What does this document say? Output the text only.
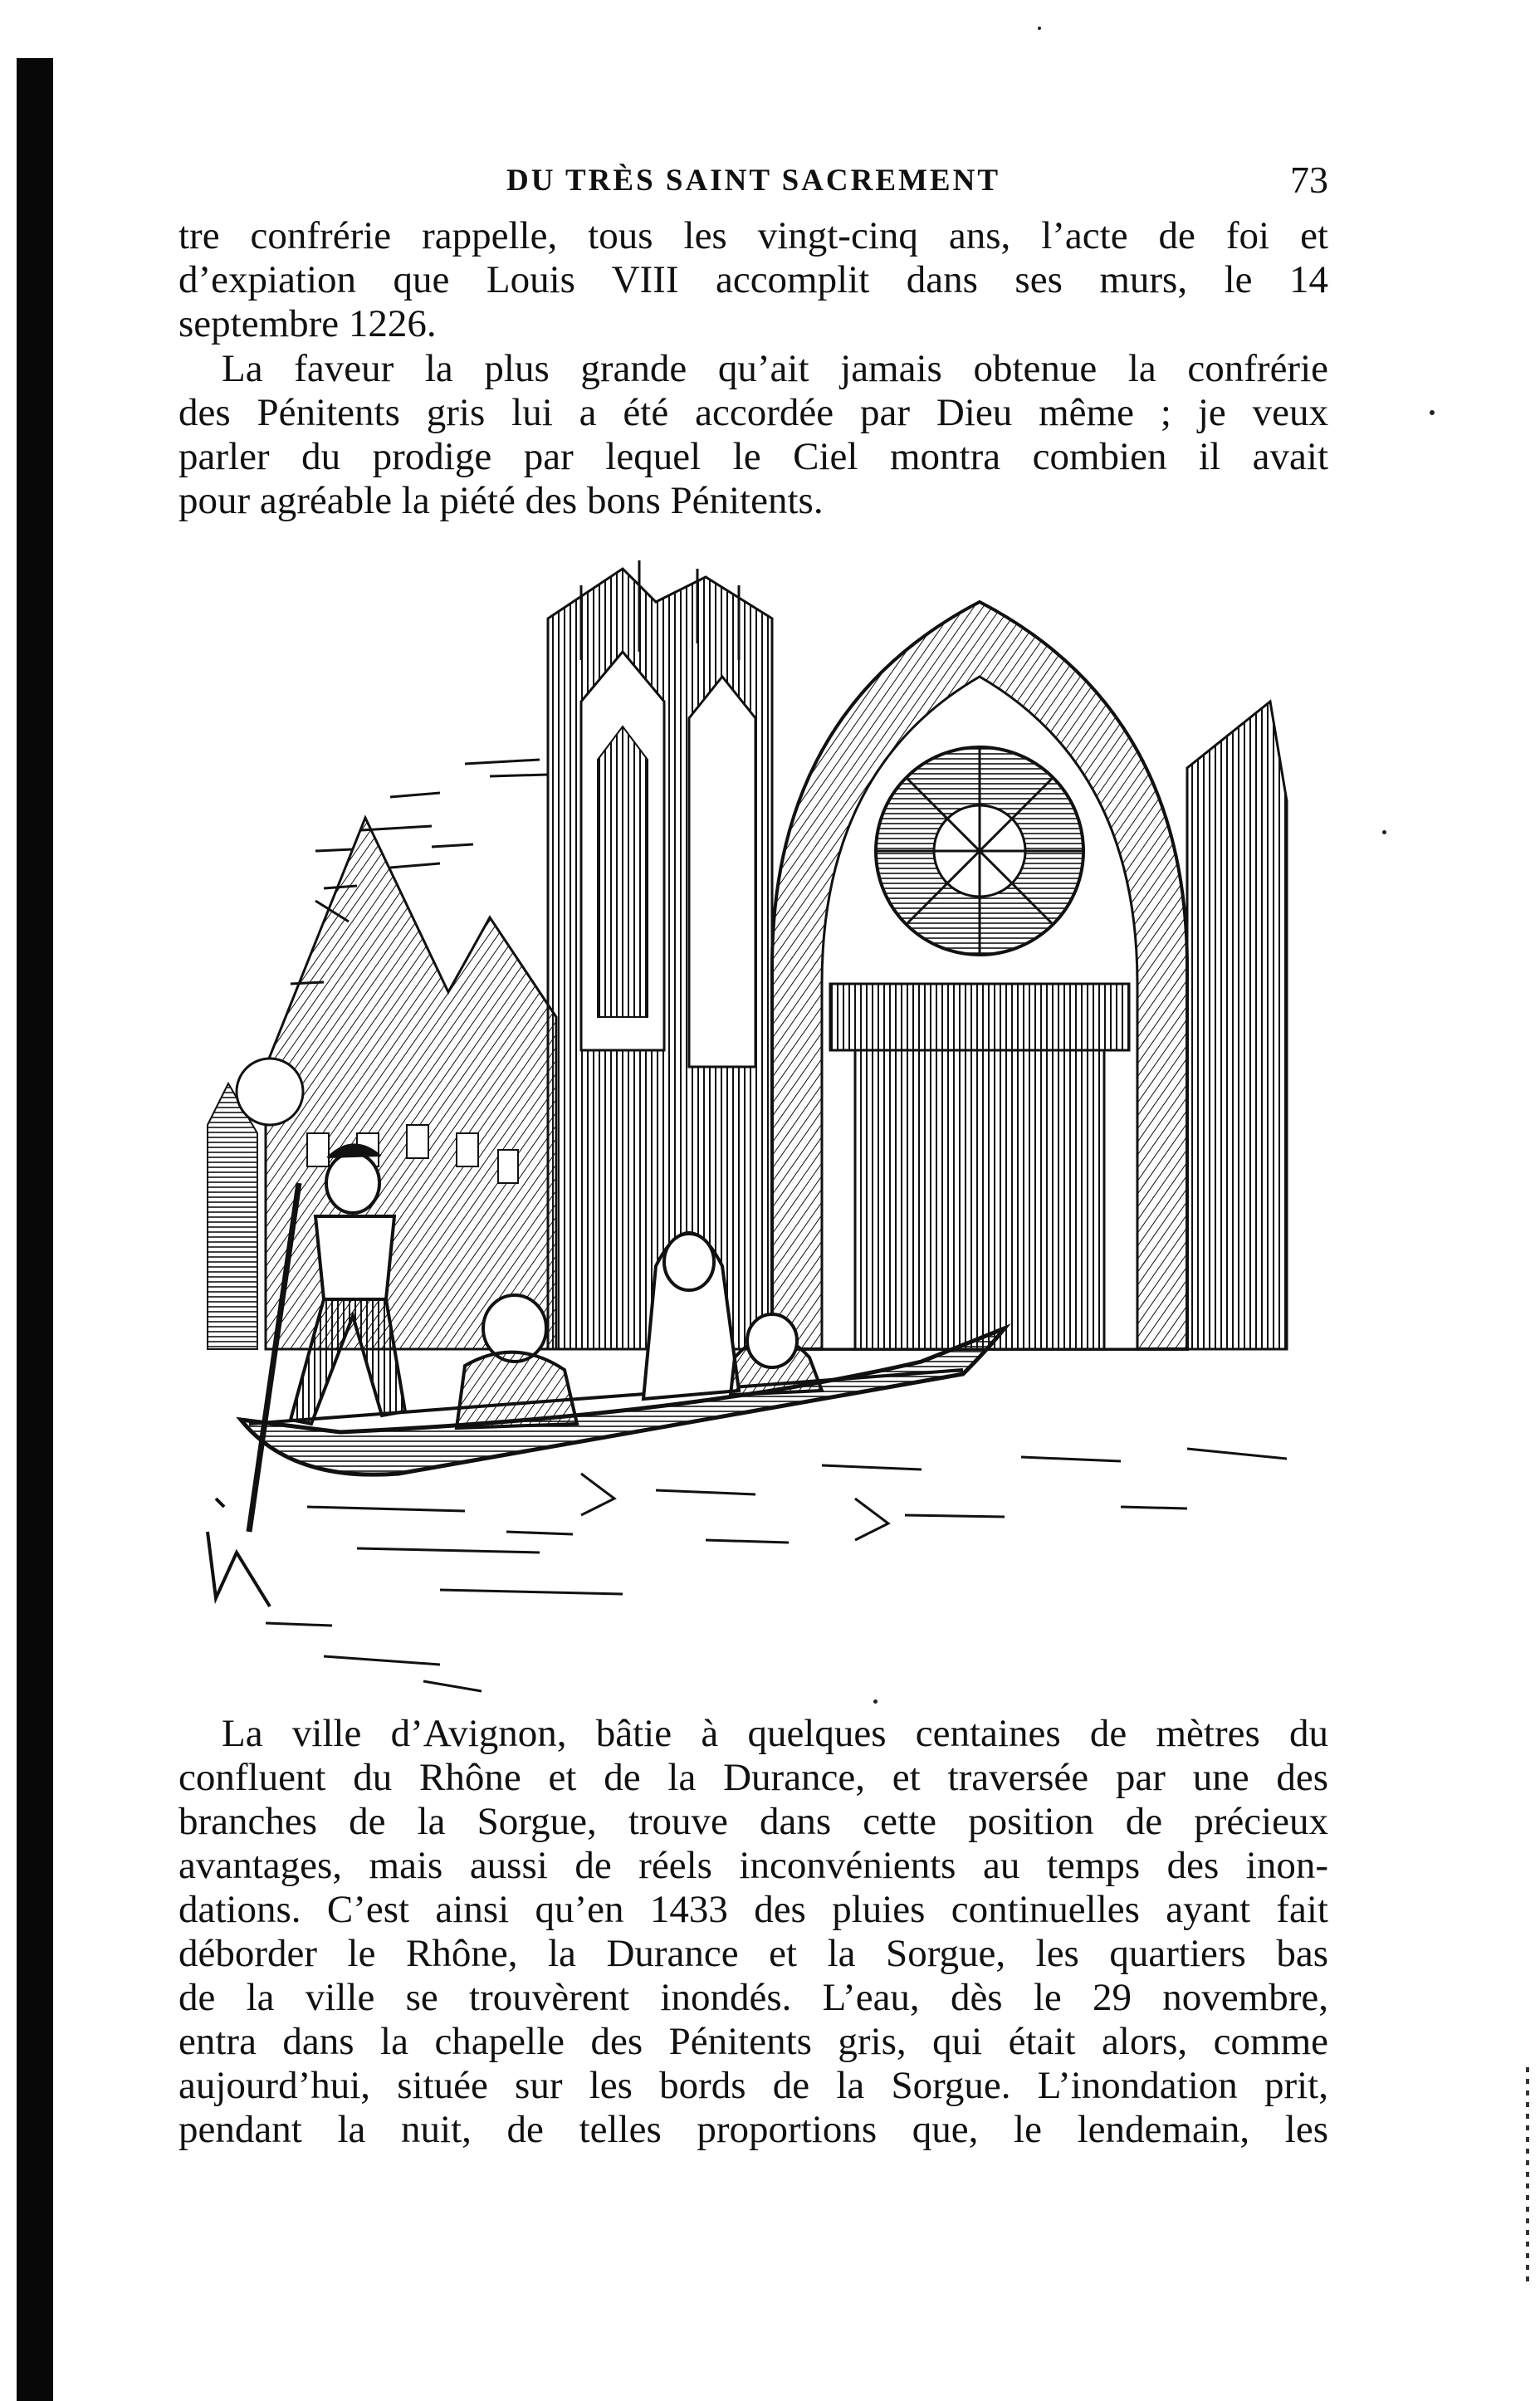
DU TRÈS SAINT SACREMENT	73
tre confrérie rappelle, tous les vingt-cinq ans, l’acte de foi et
d’expiation que Louis VIII accomplit dans ses murs, le 14
septembre 1226.
La faveur la plus grande qu’ait jamais obtenue la confrérie
des Pénitents gris lui a été accordée par Dieu même ; je veux
parler du prodige par lequel le Ciel montra combien il avait
pour agréable la piété des bons Pénitents.
La ville d’Avignon, bâtie à quelques centaines de mètres du
confluent du Rhône et de la Durance, et traversée par une des
branches de la Sorgue, trouve dans cette position de précieux
avantages, mais aussi de réels inconvénients au temps des inon-
dations. C’est ainsi qu’en 1433 des pluies continuelles ayant fait
déborder le Rhône, la Durance et la Sorgue, les quartiers bas
de la ville se trouvèrent inondés. L’eau, dès le 29 novembre,
entra dans la chapelle des Pénitents gris, qui était alors, comme
aujourd’hui, située sur les bords de la Sorgue. L’inondation prit,
pendant la nuit, de telles proportions que, le lendemain, les
